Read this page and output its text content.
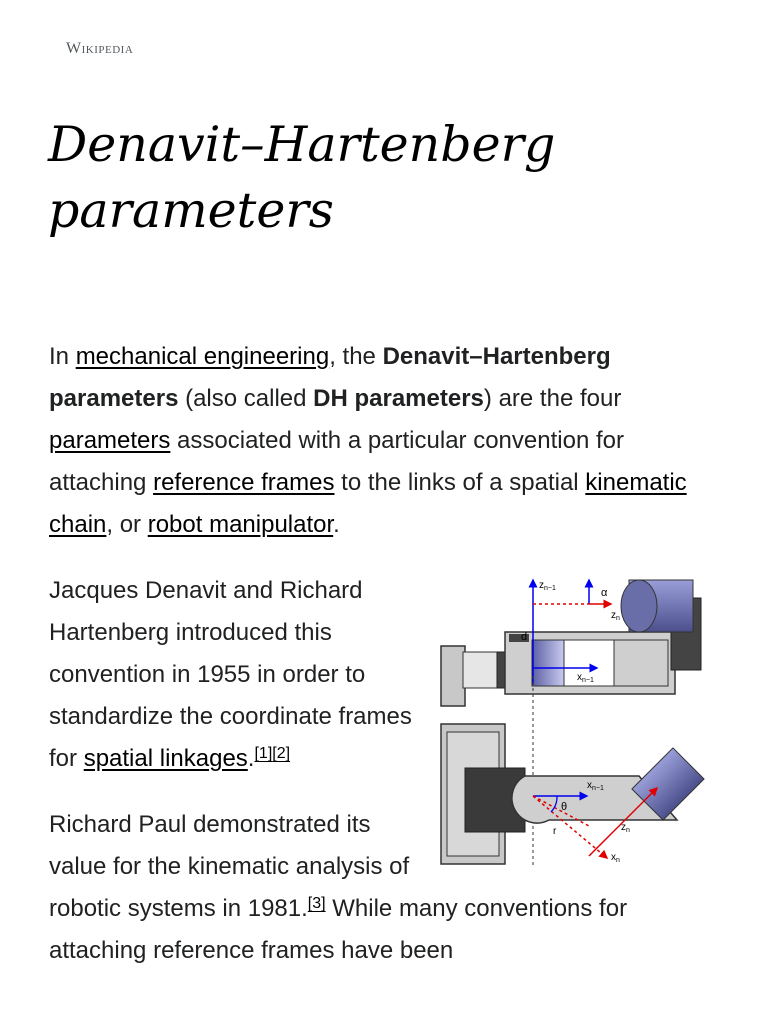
Wikipedia
Denavit–Hartenberg
parameters

In mechanical engineering, the Denavit–Hartenberg parameters (also called DH parameters) are the four parameters associated with a particular convention for attaching reference frames to the links of a spatial kinematic chain, or robot manipulator.

d
$z_{n-1}$	α
$z_n$
$x_{n-1}$
$x_{n-1}$
θ
r	$z_n$
$x_n$

Jacques Denavit and Richard Hartenberg introduced this convention in 1955 in order to standardize the coordinate frames for spatial linkages.[1][2]

Richard Paul demonstrated its value for the kinematic analysis of robotic systems in 1981.[3] While many conventions for attaching reference frames have been
